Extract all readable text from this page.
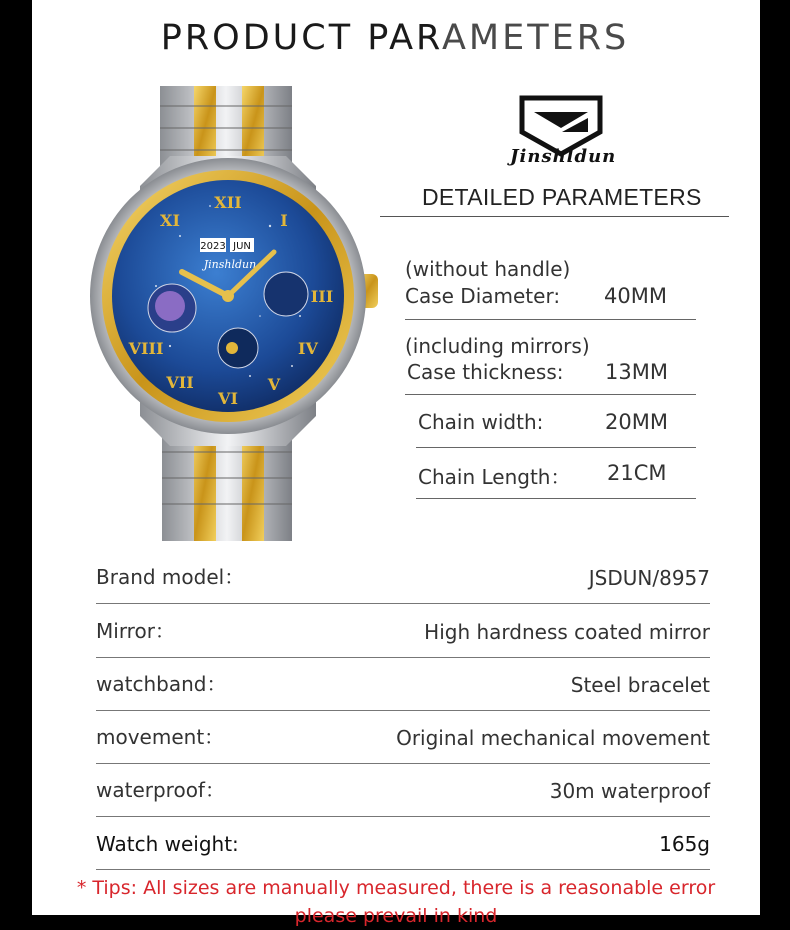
PRODUCT PARAMETERS
XII
I
III
IV
V
VI
VII
VIII
XI
2023 JUN
Jinshldun
Jinshldun
DETAILED PARAMETERS
(without handle)
Case Diameter: 40MM
(including mirrors)
Case thickness: 13MM
Chain width:	20MM
Chain Length： 21CM
Brand model：	JSDUN/8957
Mirror：	High hardness coated mirror
watchband：	Steel bracelet
movement：	Original mechanical movement
waterproof：	30m waterproof
Watch weight:	165g
* Tips: All sizes are manually measured, there is a reasonable error
please prevail in kind
